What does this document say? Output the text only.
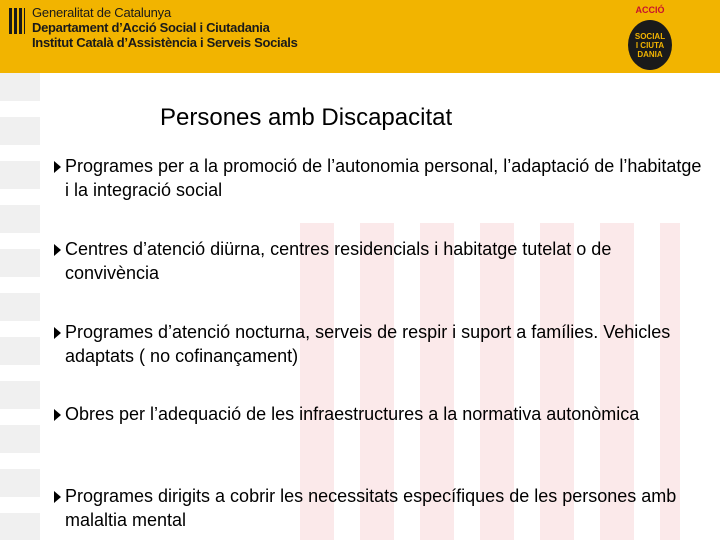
Generalitat de Catalunya
Departament d’Acció Social i Ciutadania
Institut Català d’Assistència i Serveis Socials
ACCIÓ
SOCIAL
I CIUTA
DANIA
Persones amb Discapacitat
Programes per a la promoció de l’autonomia personal, l’adaptació de l’habitatge i la integració social
Centres d’atenció diürna, centres residencials i habitatge tutelat o de convivència
Programes d’atenció nocturna, serveis de respir i suport a famílies. Vehicles adaptats ( no cofinançament)
Obres per l’adequació de les infraestructures a la normativa autonòmica
Programes dirigits a cobrir les necessitats específiques de les persones amb malaltia mental
